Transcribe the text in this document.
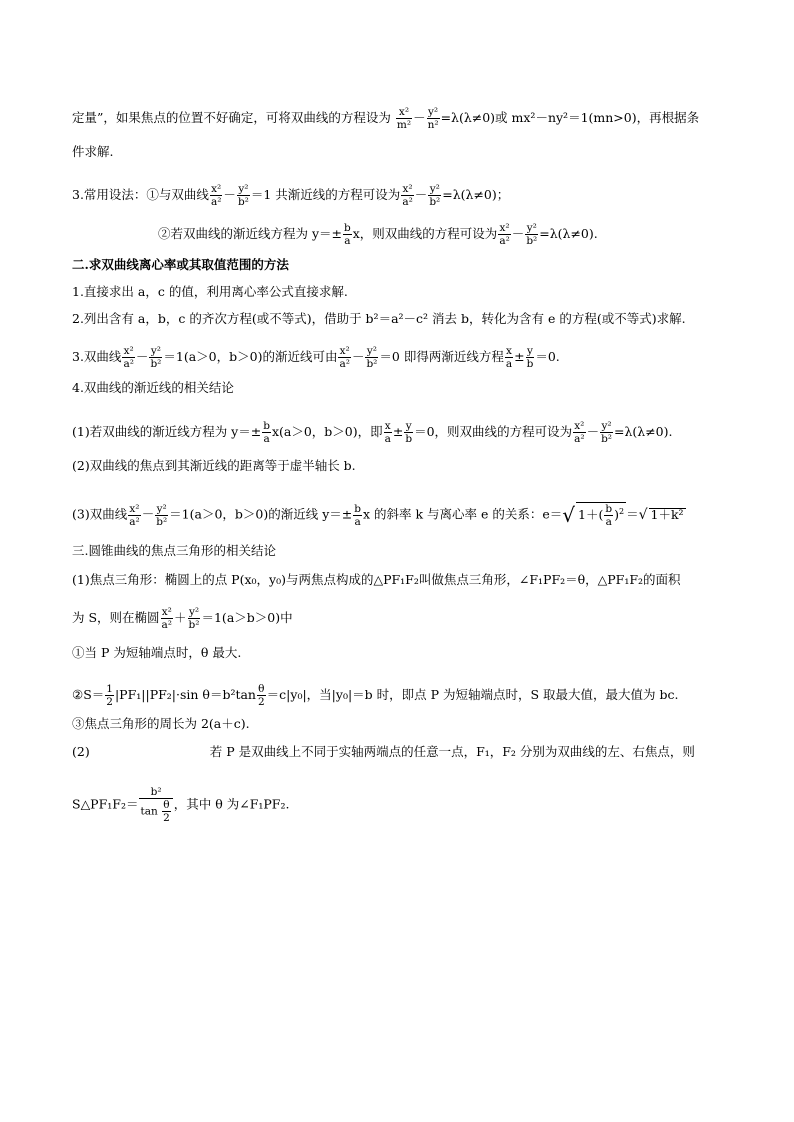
定量”，如果焦点的位置不好确定，可将双曲线的方程设为 $\frac{\text{x²}}{\text{m²}} - \frac{\text{y²}}{\text{n²}} =\lambda(\lambda\ne 0)$或 mx²－ny²＝1(mn>0)，再根据条
件求解.
3.常用设法：①与双曲线 $\frac{\text{x²}}{\text{a²}} - \frac{\text{y²}}{\text{b²}} =1$ 共渐近线的方程可设为 $\frac{\text{x²}}{\text{a²}} - \frac{\text{y²}}{\text{b²}} =\lambda(\lambda\ne 0)$；
②若双曲线的渐近线方程为 $y=\pm \frac{b}{a}$ x，则双曲线的方程可设为 $\frac{\text{x²}}{\text{a²}} - \frac{\text{y²}}{\text{b²}} =\lambda(\lambda\ne 0)$.
二.求双曲线离心率或其取值范围的方法
1.直接求出 a，c 的值，利用离心率公式直接求解.
2.列出含有 a，b，c 的齐次方程(或不等式)，借助于 b²＝a²－c² 消去 b，转化为含有 e 的方程(或不等式)求解.
3.双曲线 $\frac{\text{x²}}{\text{a²}} - \frac{\text{y²}}{\text{b²}} =1(a>0$，b＞0)的渐近线可由 $\frac{\text{x²}}{\text{a²}} - \frac{\text{y²}}{\text{b²}} =0$ 即得两渐近线方程 $\frac{x}{a} \pm \frac{y}{b} =0$.
4.双曲线的渐近线的相关结论
(1)若双曲线的渐近线方程为 $y=\pm \frac{b}{a} x(a>0$，b＞0)，即 $\frac{x}{a} \pm \frac{y}{b} =0$，则双曲线的方程可设为 $\frac{\text{x²}}{\text{a²}} - \frac{\text{y²}}{\text{b²}} =\lambda(\lambda\ne 0)$.
(2)双曲线的焦点到其渐近线的距离等于虚半轴长 b.
(3)双曲线 $\frac{\text{x²}}{\text{a²}} - \frac{\text{y²}}{\text{b²}} =1(a>0$，b＞0)的渐近线 $y=\pm \frac{b}{a}$ x 的斜率 k 与离心率 e 的关系：e＝√ $1+( \frac{b}{a} )^2$ ＝√ 1＋k²
三.圆锥曲线的焦点三角形的相关结论
(1)焦点三角形：椭圆上的点 P(x₀，y₀)与两焦点构成的△PF₁F₂叫做焦点三角形，∠F₁PF₂＝θ，△PF₁F₂的面积
为 S，则在椭圆 $\frac{\text{x²}}{\text{a²}} + \frac{\text{y²}}{\text{b²}} =1(a>b>0)$中
①当 P 为短轴端点时，θ 最大.
②S＝ $\frac{1}{2} |PF_1||PF_2|\cdot\sin$ $\theta=b^2\tan \frac{\theta}{2} =c|y_0|$，当|y₀|＝b 时，即点 P 为短轴端点时，S 取最大值，最大值为 bc.
③焦点三角形的周长为 2(a＋c).
(2)	若 P 是双曲线上不同于实轴两端点的任意一点，F₁，F₂ 分别为双曲线的左、右焦点，则
S△PF₁F₂＝ $\frac{\text{b²}}{\tan \frac{\theta}{2}}$ ，其中 θ 为∠F₁PF₂.
